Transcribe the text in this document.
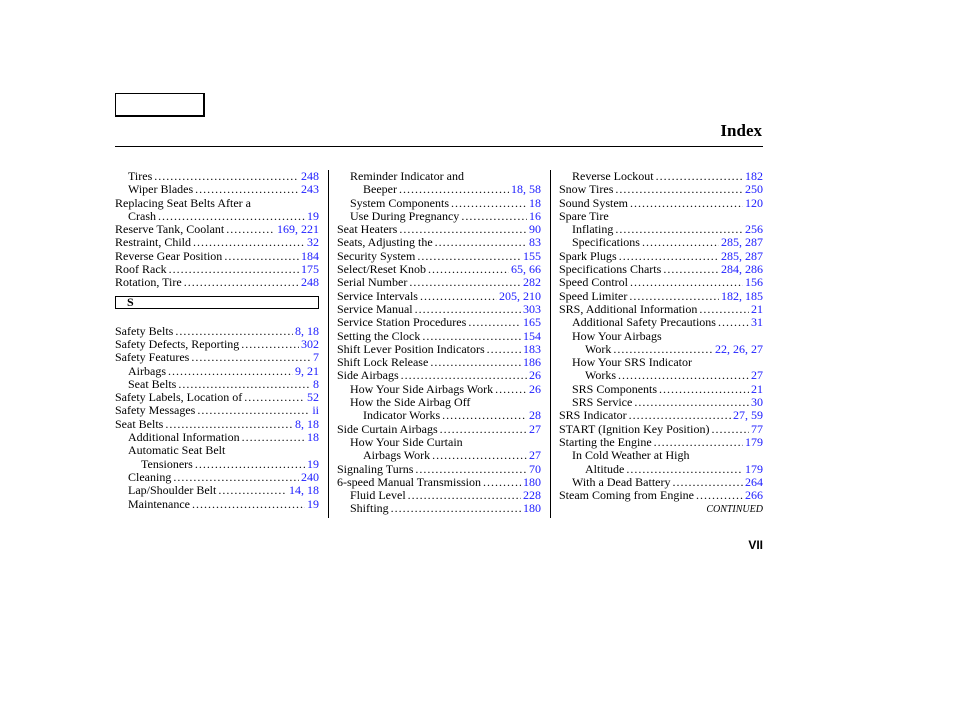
Index
Tires .....	248
Wiper Blades .....	243
Replacing Seat Belts After a
Crash .....	19
Reserve Tank, Coolant .....	169, 221
Restraint, Child .....	32
Reverse Gear Position .....	184
Roof Rack .....	175
Rotation, Tire .....	248
S
Safety Belts .....	8, 18
Safety Defects, Reporting .....	302
Safety Features .....	7
Airbags .....	9, 21
Seat Belts .....	8
Safety Labels, Location of .....	52
Safety Messages .....	ii
Seat Belts .....	8, 18
Additional Information .....	18
Automatic Seat Belt
Tensioners .....	19
Cleaning .....	240
Lap/Shoulder Belt .....	14, 18
Maintenance .....	19
Reminder Indicator and
Beeper .....	18, 58
System Components .....	18
Use During Pregnancy .....	16
Seat Heaters .....	90
Seats, Adjusting the .....	83
Security System .....	155
Select/Reset Knob .....	65, 66
Serial Number .....	282
Service Intervals .....	205, 210
Service Manual .....	303
Service Station Procedures .....	165
Setting the Clock .....	154
Shift Lever Position Indicators .....	183
Shift Lock Release .....	186
Side Airbags .....	26
How Your Side Airbags Work .....	26
How the Side Airbag Off
Indicator Works .....	28
Side Curtain Airbags .....	27
How Your Side Curtain
Airbags Work .....	27
Signaling Turns .....	70
6-speed Manual Transmission .....	180
Fluid Level .....	228
Shifting .....	180
Reverse Lockout .....	182
Snow Tires .....	250
Sound System .....	120
Spare Tire
Inflating .....	256
Specifications .....	285, 287
Spark Plugs .....	285, 287
Specifications Charts .....	284, 286
Speed Control .....	156
Speed Limiter .....	182, 185
SRS, Additional Information .....	21
Additional Safety Precautions .....	31
How Your Airbags
Work .....	22, 26, 27
How Your SRS Indicator
Works .....	27
SRS Components .....	21
SRS Service .....	30
SRS Indicator .....	27, 59
START (Ignition Key Position) .....	77
Starting the Engine .....	179
In Cold Weather at High
Altitude .....	179
With a Dead Battery .....	264
Steam Coming from Engine .....	266
CONTINUED
VII
